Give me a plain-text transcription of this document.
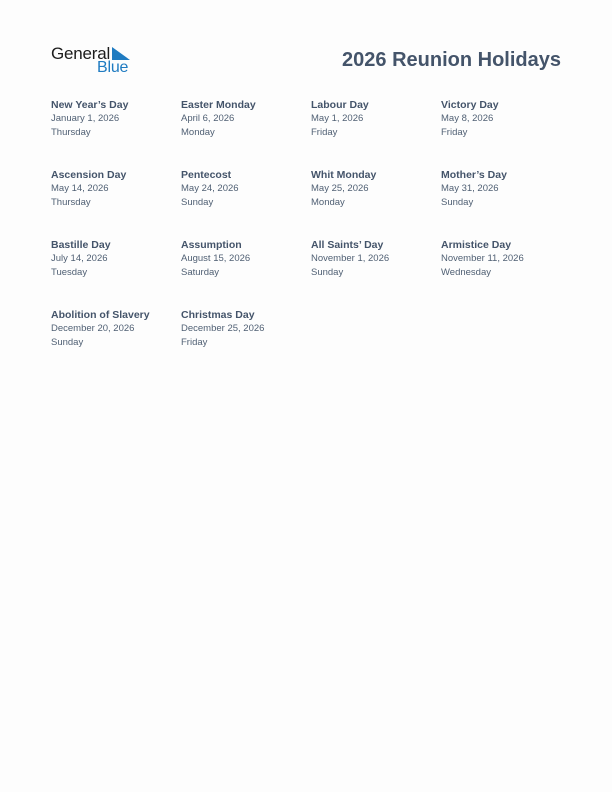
General
Blue	2026 Reunion Holidays
New Year’s Day
January 1, 2026
Thursday
Easter Monday
April 6, 2026
Monday
Labour Day
May 1, 2026
Friday
Victory Day
May 8, 2026
Friday
Ascension Day
May 14, 2026
Thursday
Pentecost
May 24, 2026
Sunday
Whit Monday
May 25, 2026
Monday
Mother’s Day
May 31, 2026
Sunday
Bastille Day
July 14, 2026
Tuesday
Assumption
August 15, 2026
Saturday
All Saints’ Day
November 1, 2026
Sunday
Armistice Day
November 11, 2026
Wednesday
Abolition of Slavery
December 20, 2026
Sunday
Christmas Day
December 25, 2026
Friday
